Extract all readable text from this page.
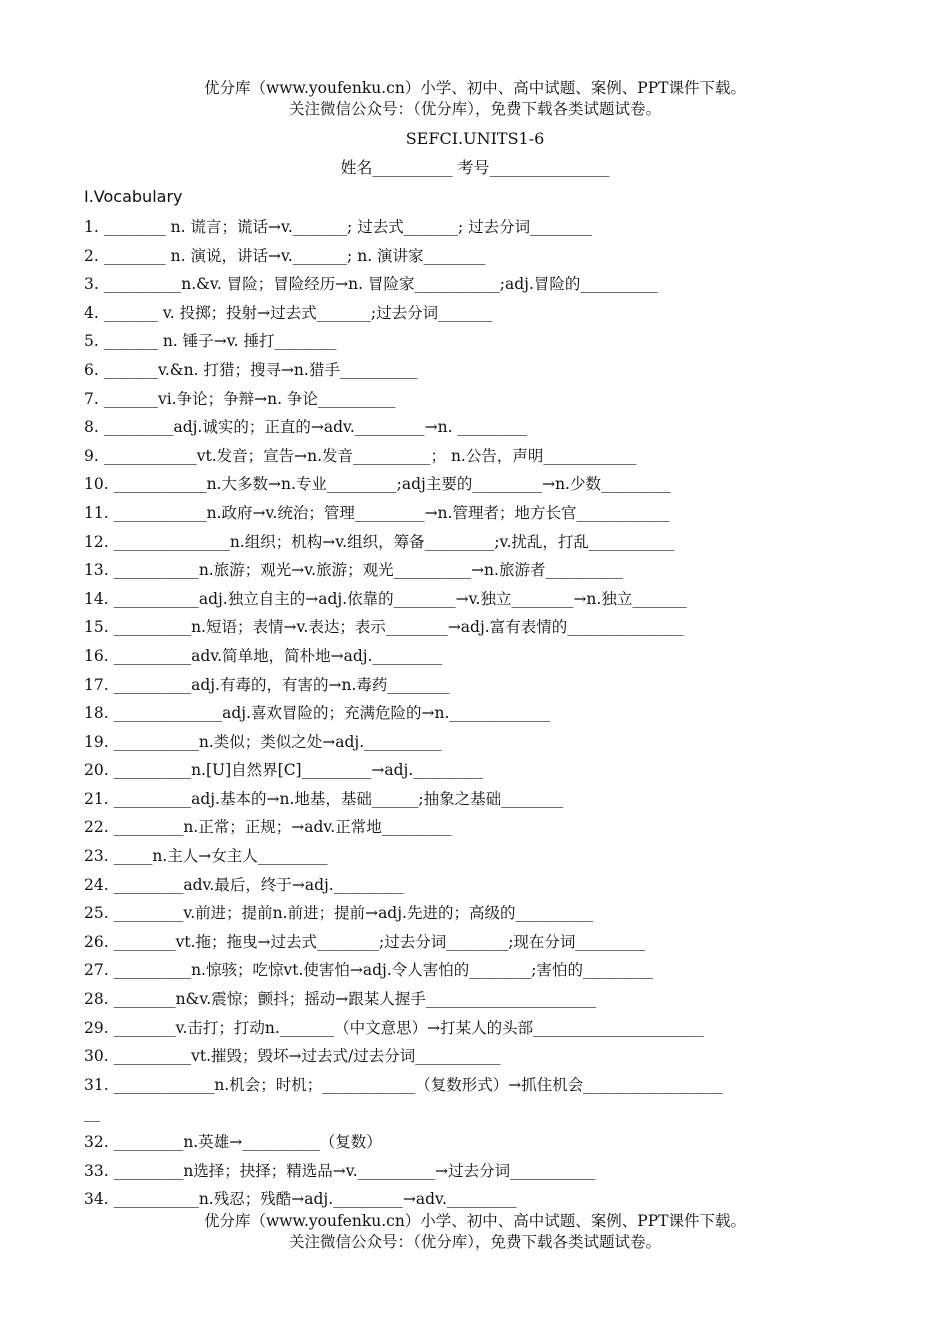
优分库（www.youfenku.cn）小学、初中、高中试题、案例、PPT课件下载。
关注微信公众号：（优分库），免费下载各类试题试卷。
SEFCI.UNITS1-6
姓名__________ 考号_______________
I.Vocabulary
1. ________ n. 谎言；谎话→v._______; 过去式_______; 过去分词________
2. ________ n. 演说，讲话→v._______; n. 演讲家________
3. __________n.&v. 冒险；冒险经历→n. 冒险家___________;adj.冒险的__________
4. _______ v. 投掷；投射→过去式_______;过去分词_______
5. _______ n. 锤子→v. 捶打________
6. _______v.&n. 打猎；搜寻→n.猎手__________
7. _______vi.争论；争辩→n. 争论__________
8. _________adj.诚实的；正直的→adv._________→n. _________
9. ____________vt.发音；宣告→n.发音__________； n.公告，声明____________
10. ____________n.大多数→n.专业_________;adj主要的_________→n.少数_________
11. ____________n.政府→v.统治；管理_________→n.管理者；地方长官____________
12. _______________n.组织；机构→v.组织，筹备_________;v.扰乱，打乱___________
13. ___________n.旅游；观光→v.旅游；观光__________→n.旅游者__________
14. ___________adj.独立自主的→adj.依靠的________→v.独立________→n.独立_______
15. __________n.短语；表情→v.表达；表示________→adj.富有表情的_______________
16. __________adv.简单地，简朴地→adj._________
17. __________adj.有毒的，有害的→n.毒药________
18. ______________adj.喜欢冒险的；充满危险的→n._____________
19. ___________n.类似；类似之处→adj.__________
20. __________n.[U]自然界[C]_________→adj._________
21. __________adj.基本的→n.地基，基础______;抽象之基础________
22. _________n.正常；正规；→adv.正常地_________
23. _____n.主人→女主人_________
24. _________adv.最后，终于→adj._________
25. _________v.前进；提前n.前进；提前→adj.先进的；高级的__________
26. ________vt.拖；拖曳→过去式________;过去分词________;现在分词_________
27. __________n.惊骇；吃惊vt.使害怕→adj.令人害怕的________;害怕的_________
28. ________n&v.震惊；颤抖；摇动→跟某人握手______________________
29. ________v.击打；打动n._______（中文意思）→打某人的头部______________________
30. __________vt.摧毁；毁坏→过去式/过去分词___________
31. _____________n.机会；时机；____________（复数形式）→抓住机会__________________
__
32. _________n.英雄→__________（复数）
33. _________n选择；抉择；精选品→v.__________→过去分词___________
34. ___________n.残忍；残酷→adj._________→adv._________
优分库（www.youfenku.cn）小学、初中、高中试题、案例、PPT课件下载。
关注微信公众号：（优分库），免费下载各类试题试卷。
